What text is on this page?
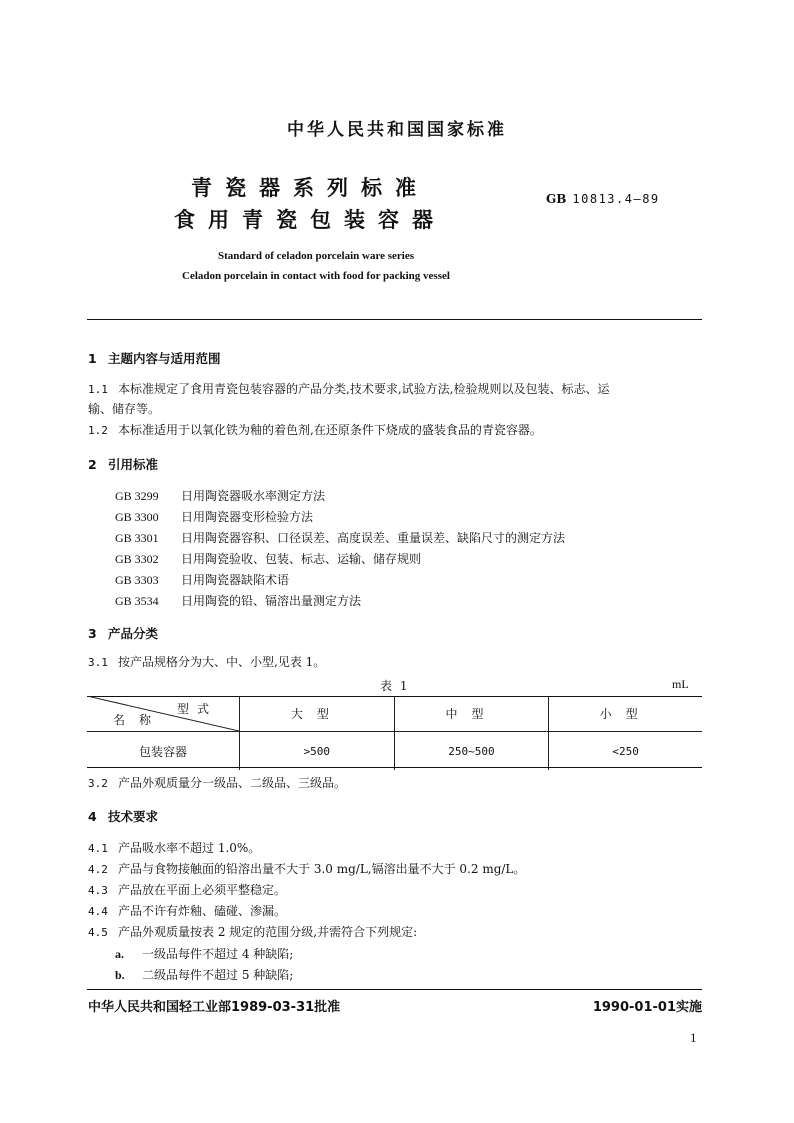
中华人民共和国国家标准
青瓷器系列标准
食用青瓷包装容器
GB 10813.4—89
Standard of celadon porcelain ware series
Celadon porcelain in contact with food for packing vessel
1 主题内容与适用范围
1.1 本标准规定了食用青瓷包装容器的产品分类,技术要求,试验方法,检验规则以及包装、标志、运
输、储存等。
1.2 本标准适用于以氧化铁为釉的着色剂,在还原条件下烧成的盛装食品的青瓷容器。
2 引用标准
GB 3299 日用陶瓷器吸水率测定方法
GB 3300 日用陶瓷器变形检验方法
GB 3301 日用陶瓷器容积、口径误差、高度误差、重量误差、缺陷尺寸的测定方法
GB 3302 日用陶瓷验收、包装、标志、运输、储存规则
GB 3303 日用陶瓷器缺陷术语
GB 3534 日用陶瓷的铅、镉溶出量测定方法
3 产品分类
3.1 按产品规格分为大、中、小型,见表 1。
表 1	mL
型式
名称	大型	中型	小型
包装容器	>500	250~500	<250
3.2 产品外观质量分一级品、二级品、三级品。
4 技术要求
4.1 产品吸水率不超过 1.0%。
4.2 产品与食物接触面的铅溶出量不大于 3.0 mg/L,镉溶出量不大于 0.2 mg/L。
4.3 产品放在平面上必须平整稳定。
4.4 产品不许有炸釉、磕碰、渗漏。
4.5 产品外观质量按表 2 规定的范围分级,并需符合下列规定:
a. 一级品每件不超过 4 种缺陷;
b. 二级品每件不超过 5 种缺陷;
中华人民共和国轻工业部1989-03-31批准	1990-01-01实施
1
